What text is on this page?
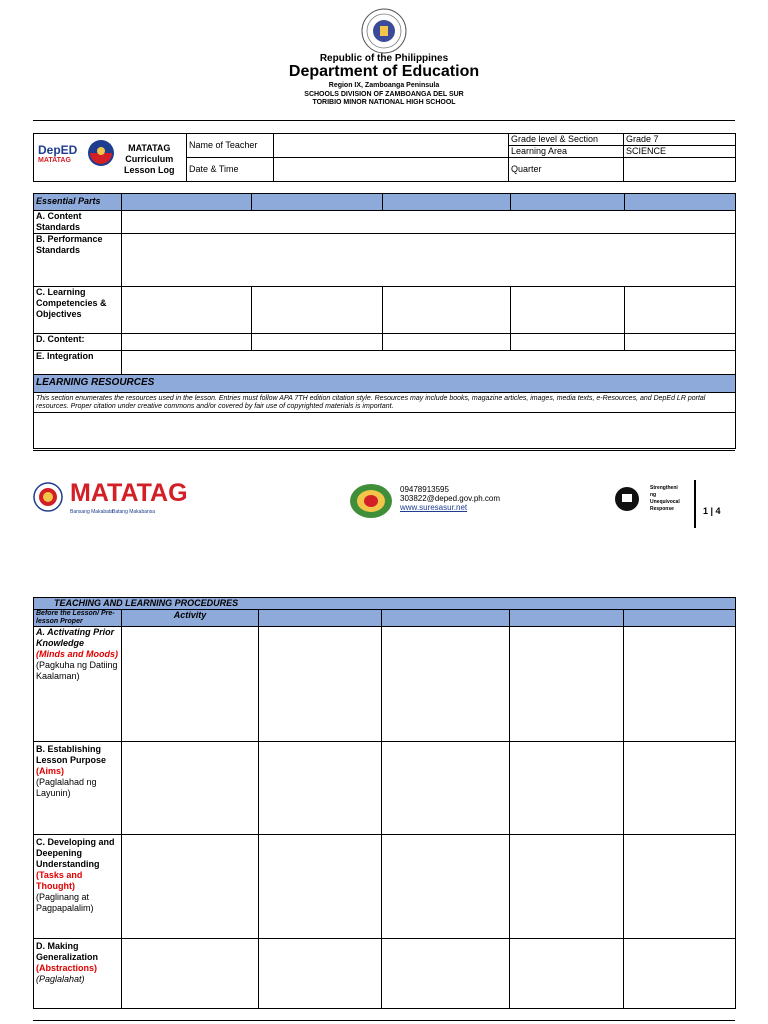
Republic of the Philippines
Department of Education
Region IX, Zamboanga Peninsula
SCHOOLS DIVISION OF ZAMBOANGA DEL SUR
TORIBIO MINOR NATIONAL HIGH SCHOOL
DepED
MATATAG
MATATAG
Curriculum
Lesson Log	Name of Teacher		Grade level & Section	Grade 7
			Learning Area	SCIENCE
	Date & Time		Quarter	
Essential Parts					
A. Content Standards					
B. Performance Standards					
C. Learning Competencies & Objectives					
D. Content:					
E. Integration					
LEARNING RESOURCES					
This section enumerates the resources used in the lesson. Entries must follow APA 7TH edition citation style. Resources may include books, magazine articles, images, media texts, e-Resources, and DepEd LR portal resources. Proper citation under creative commons and/or covered by fair use of copyrighted materials is important.					

MATATAG
Bansang Makabata
Batang Makabansa
09478913595
303822@deped.gov.ph.com
www.suresasur.net
Strengtheni ng Unequivocal Response	1 | 4
TEACHING AND LEARNING PROCEDURES					
Before the Lesson/ Pre-lesson Proper	Activity				

A. Activating Prior Knowledge
(Minds and Moods)
(Pagkuha ng Datiing Kaalaman)					

B. Establishing Lesson Purpose
(Aims)
(Paglalahad ng Layunin)					

C. Developing and Deepening Understanding
(Tasks and Thought)
(Paglinang at Pagpapalalim)					

D. Making Generalization
(Abstractions)
(Paglalahat)					
